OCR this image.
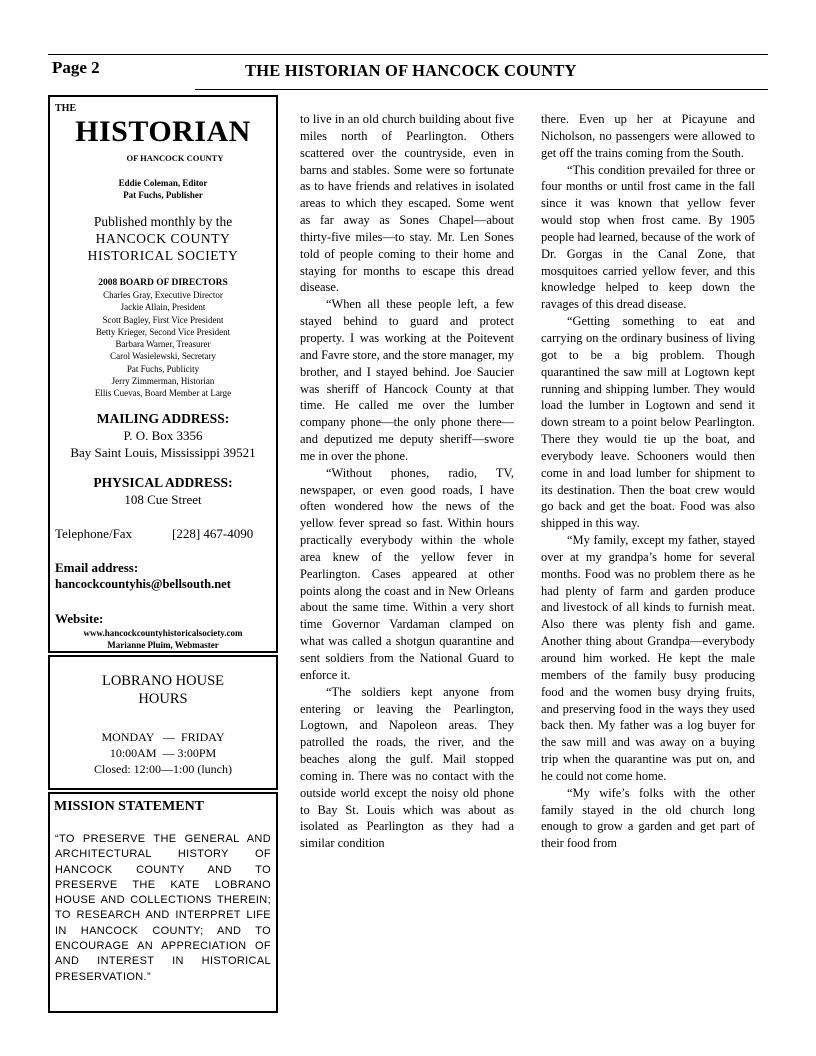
Page 2	THE HISTORIAN OF HANCOCK COUNTY
THE
HISTORIAN
OF HANCOCK COUNTY
Eddie Coleman, Editor
Pat Fuchs, Publisher
Published monthly by the
HANCOCK COUNTY
HISTORICAL SOCIETY
2008 BOARD OF DIRECTORS
Charles Gray, Executive Director
Jackie Allain, President
Scott Bagley, First Vice President
Betty Krieger, Second Vice President
Barbara Warner, Treasurer
Carol Wasielewski, Secretary
Pat Fuchs, Publicity
Jerry Zimmerman, Historian
Ellis Cuevas, Board Member at Large
MAILING ADDRESS:
P. O. Box 3356
Bay Saint Louis, Mississippi 39521
PHYSICAL ADDRESS:
108 Cue Street
Telephone/Fax	[228] 467-4090
Email address:
hancockcountyhis@bellsouth.net
Website:
www.hancockcountyhistoricalsociety.com
Marianne Pluim, Webmaster
LOBRANO HOUSE
HOURS
MONDAY   —  FRIDAY
10:00AM  — 3:00PM
Closed: 12:00—1:00 (lunch)
MISSION STATEMENT
“TO PRESERVE THE GENERAL AND ARCHITECTURAL HISTORY OF HANCOCK COUNTY AND TO PRESERVE THE KATE LOBRANO HOUSE AND COLLECTIONS THEREIN; TO RESEARCH AND INTERPRET LIFE IN HANCOCK COUNTY; AND TO ENCOURAGE AN APPRECIATION OF AND INTEREST IN HISTORICAL PRESERVATION.”

to live in an old church building about five miles north of Pearlington. Others scattered over the countryside, even in barns and stables. Some were so fortunate as to have friends and relatives in isolated areas to which they escaped. Some went as far away as Sones Chapel—about thirty-five miles—to stay. Mr. Len Sones told of people coming to their home and staying for months to escape this dread disease.

“When all these people left, a few stayed behind to guard and protect property. I was working at the Poitevent and Favre store, and the store manager, my brother, and I stayed behind. Joe Saucier was sheriff of Hancock County at that time. He called me over the lumber company phone—the only phone there—and deputized me deputy sheriff—swore me in over the phone.

“Without phones, radio, TV, newspaper, or even good roads, I have often wondered how the news of the yellow fever spread so fast. Within hours practically everybody within the whole area knew of the yellow fever in Pearlington. Cases appeared at other points along the coast and in New Orleans about the same time. Within a very short time Governor Vardaman clamped on what was called a shotgun quarantine and sent soldiers from the National Guard to enforce it.

“The soldiers kept anyone from entering or leaving the Pearlington, Logtown, and Napoleon areas. They patrolled the roads, the river, and the beaches along the gulf. Mail stopped coming in. There was no contact with the outside world except the noisy old phone to Bay St. Louis which was about as isolated as Pearlington as they had a similar condition

there. Even up her at Picayune and Nicholson, no passengers were allowed to get off the trains coming from the South.

“This condition prevailed for three or four months or until frost came in the fall since it was known that yellow fever would stop when frost came. By 1905 people had learned, because of the work of Dr. Gorgas in the Canal Zone, that mosquitoes carried yellow fever, and this knowledge helped to keep down the ravages of this dread disease.

“Getting something to eat and carrying on the ordinary business of living got to be a big problem. Though quarantined the saw mill at Logtown kept running and shipping lumber. They would load the lumber in Logtown and send it down stream to a point below Pearlington. There they would tie up the boat, and everybody leave. Schooners would then come in and load lumber for shipment to its destination. Then the boat crew would go back and get the boat. Food was also shipped in this way.

“My family, except my father, stayed over at my grandpa’s home for several months. Food was no problem there as he had plenty of farm and garden produce and livestock of all kinds to furnish meat. Also there was plenty fish and game. Another thing about Grandpa—everybody around him worked. He kept the male members of the family busy producing food and the women busy drying fruits, and preserving food in the ways they used back then. My father was a log buyer for the saw mill and was away on a buying trip when the quarantine was put on, and he could not come home.

“My wife’s folks with the other family stayed in the old church long enough to grow a garden and get part of their food from
